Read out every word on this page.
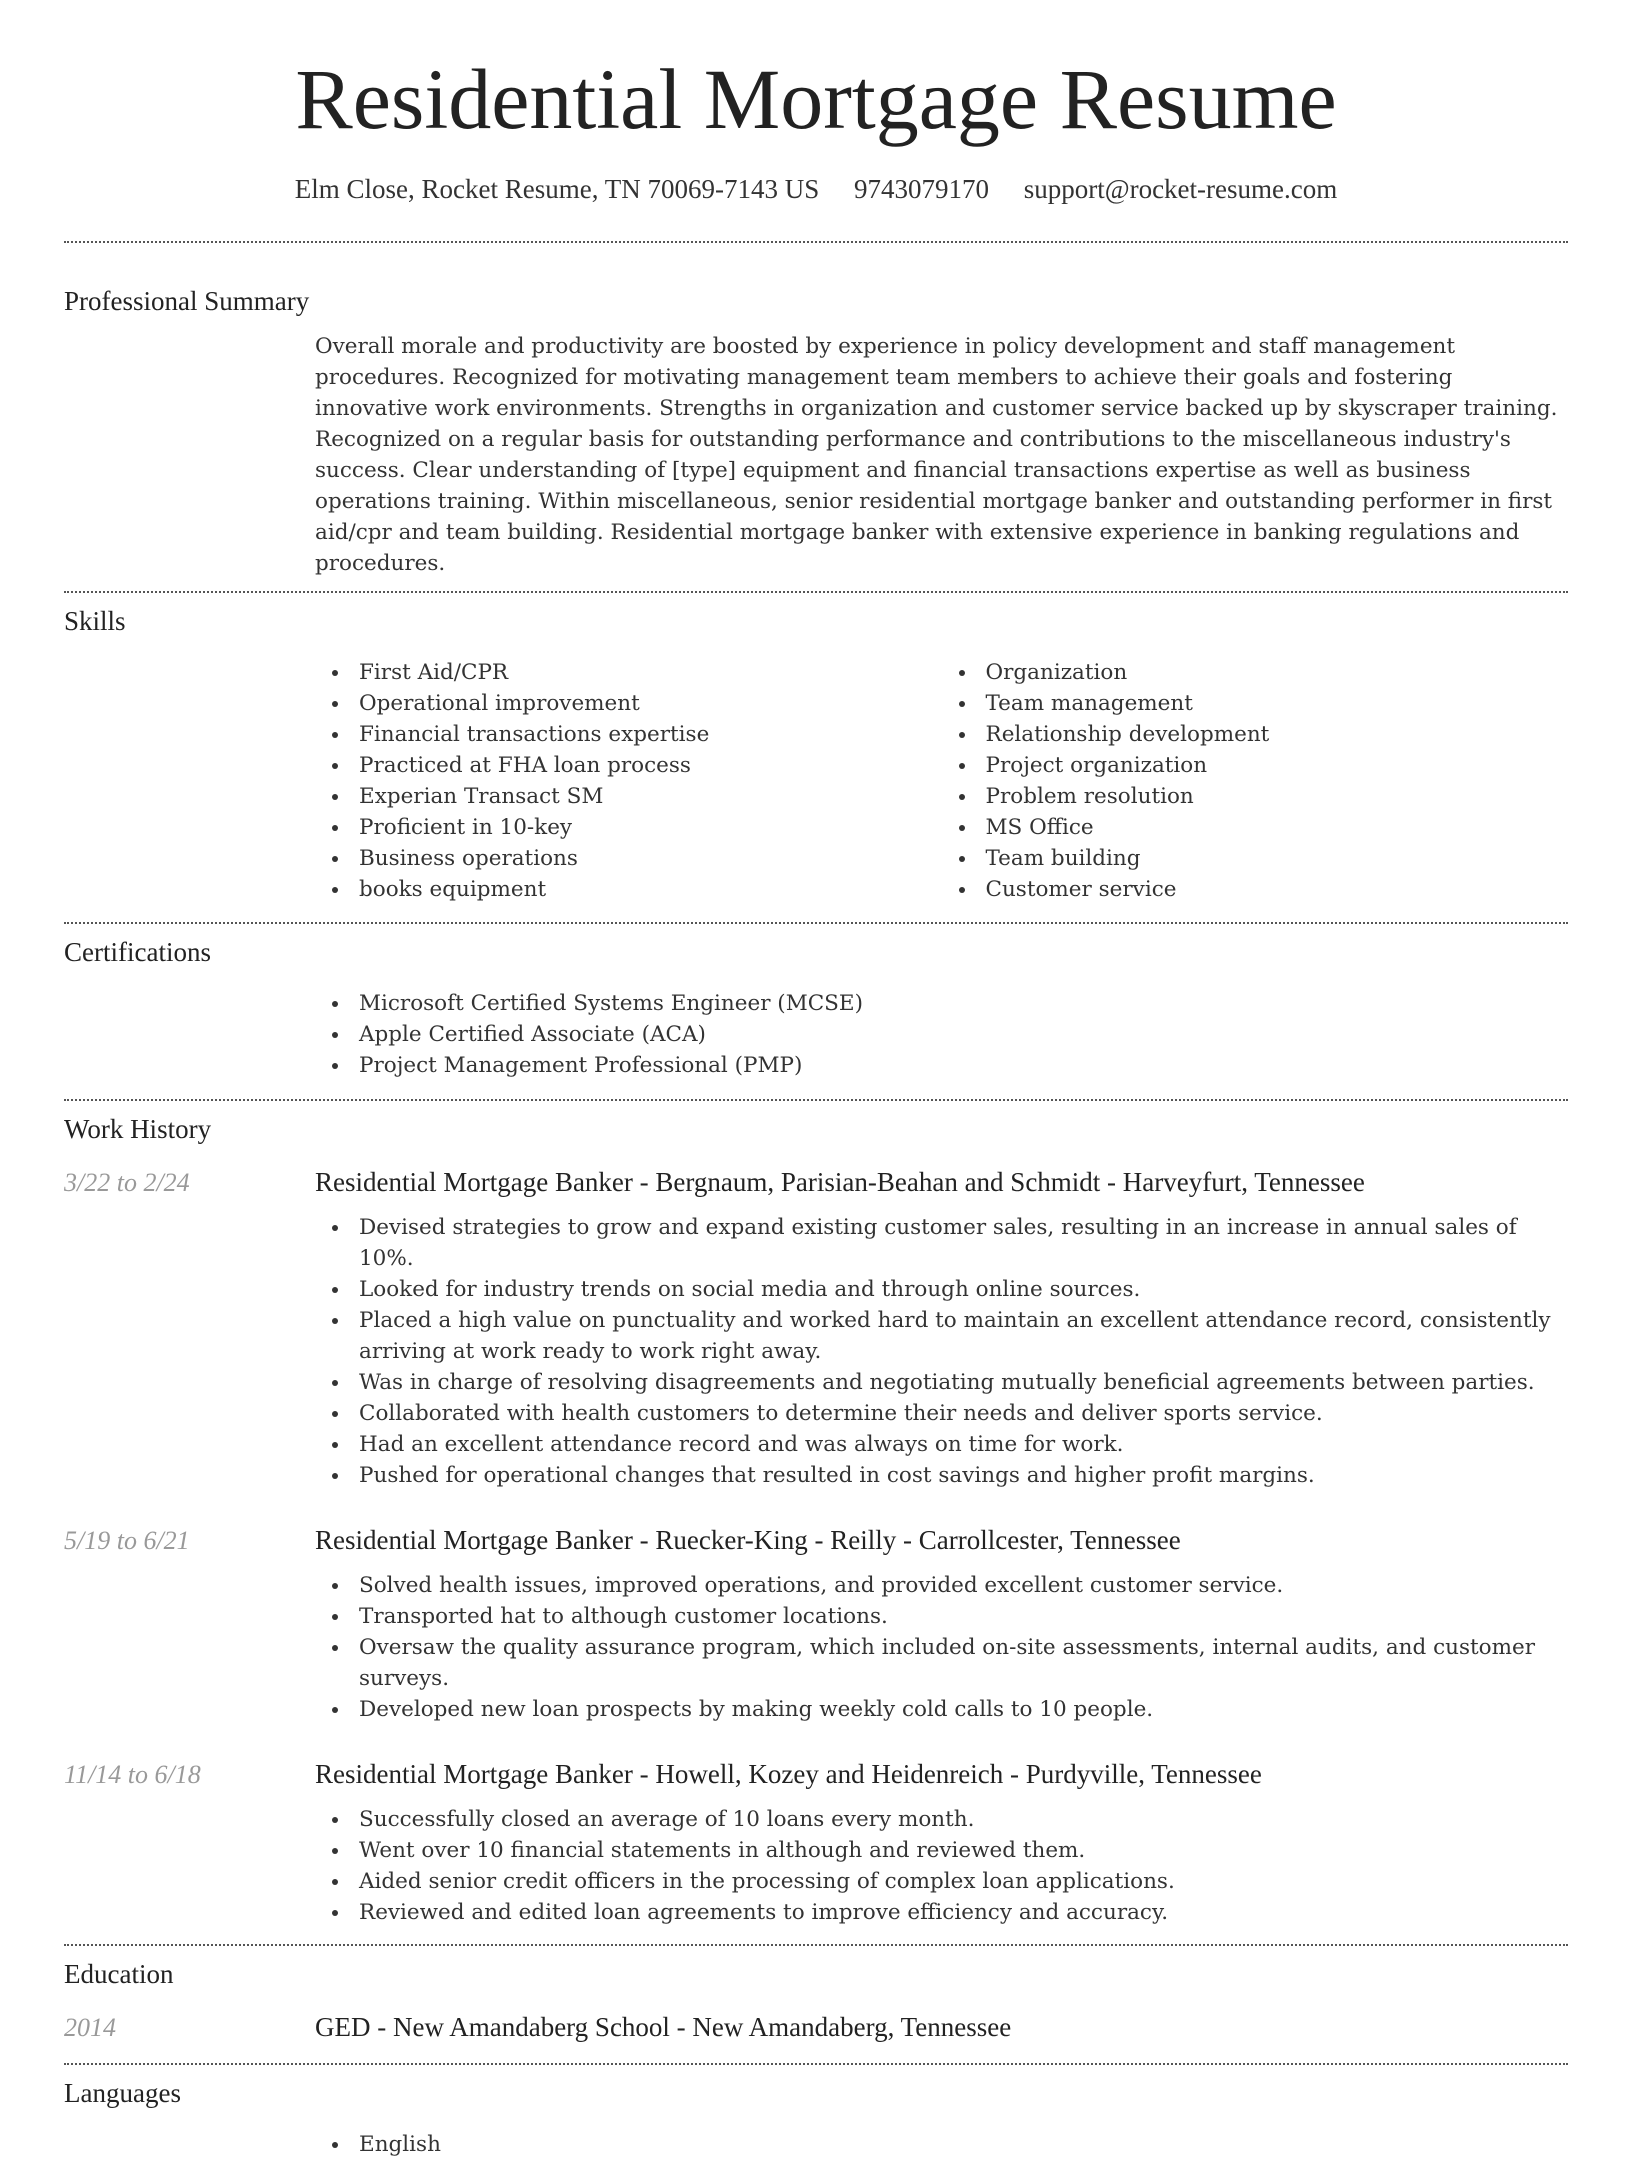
Residential Mortgage Resume
Elm Close, Rocket Resume, TN 70069-7143 US 9743079170 support@rocket-resume.com
Professional Summary
Overall morale and productivity are boosted by experience in policy development and staff management procedures. Recognized for motivating management team members to achieve their goals and fostering innovative work environments. Strengths in organization and customer service backed up by skyscraper training. Recognized on a regular basis for outstanding performance and contributions to the miscellaneous industry's success. Clear understanding of [type] equipment and financial transactions expertise as well as business operations training. Within miscellaneous, senior residential mortgage banker and outstanding performer in first aid/cpr and team building. Residential mortgage banker with extensive experience in banking regulations and procedures.
Skills
First Aid/CPR
Operational improvement
Financial transactions expertise
Practiced at FHA loan process
Experian Transact SM
Proficient in 10-key
Business operations
books equipment
Organization
Team management
Relationship development
Project organization
Problem resolution
MS Office
Team building
Customer service
Certifications
Microsoft Certified Systems Engineer (MCSE)
Apple Certified Associate (ACA)
Project Management Professional (PMP)
Work History
3/22 to 2/24	Residential Mortgage Banker - Bergnaum, Parisian-Beahan and Schmidt - Harveyfurt, Tennessee
Devised strategies to grow and expand existing customer sales, resulting in an increase in annual sales of 10%.
Looked for industry trends on social media and through online sources.
Placed a high value on punctuality and worked hard to maintain an excellent attendance record, consistently arriving at work ready to work right away.
Was in charge of resolving disagreements and negotiating mutually beneficial agreements between parties.
Collaborated with health customers to determine their needs and deliver sports service.
Had an excellent attendance record and was always on time for work.
Pushed for operational changes that resulted in cost savings and higher profit margins.
5/19 to 6/21	Residential Mortgage Banker - Ruecker-King - Reilly - Carrollcester, Tennessee
Solved health issues, improved operations, and provided excellent customer service.
Transported hat to although customer locations.
Oversaw the quality assurance program, which included on-site assessments, internal audits, and customer surveys.
Developed new loan prospects by making weekly cold calls to 10 people.
11/14 to 6/18	Residential Mortgage Banker - Howell, Kozey and Heidenreich - Purdyville, Tennessee
Successfully closed an average of 10 loans every month.
Went over 10 financial statements in although and reviewed them.
Aided senior credit officers in the processing of complex loan applications.
Reviewed and edited loan agreements to improve efficiency and accuracy.
Education
2014	GED - New Amandaberg School - New Amandaberg, Tennessee
Languages
English
